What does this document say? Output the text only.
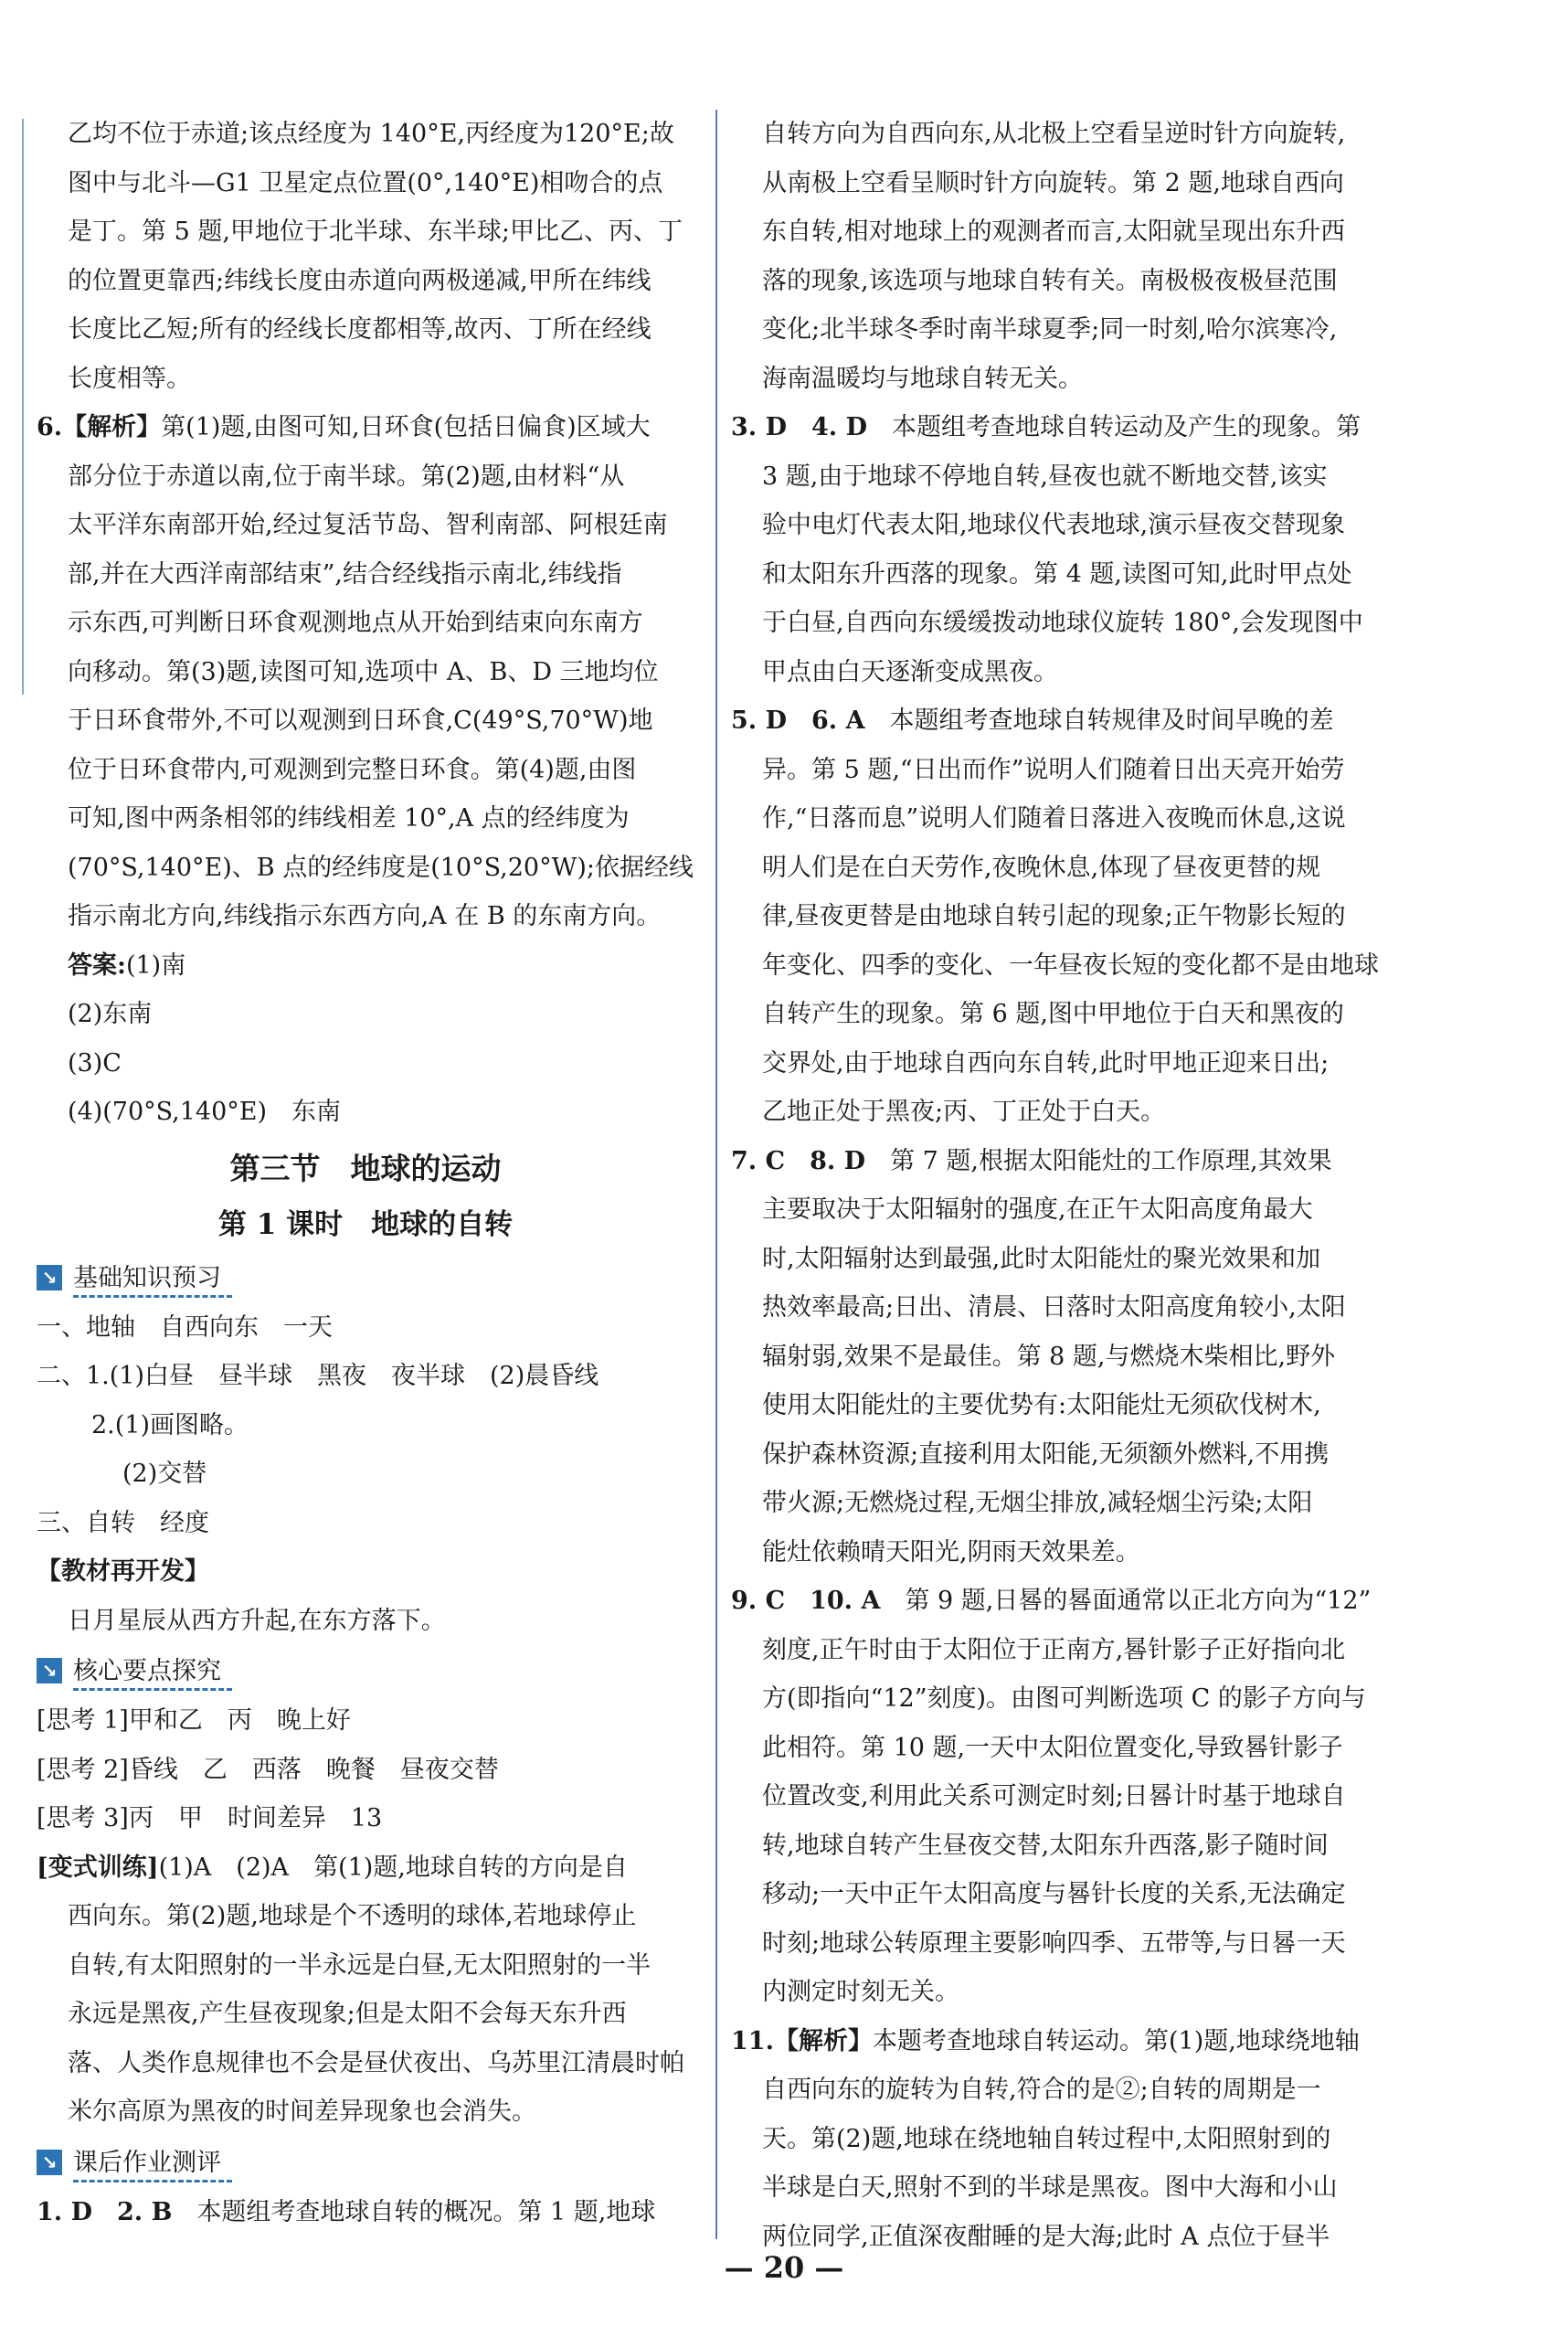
乙均不位于赤道;该点经度为 140°E,丙经度为120°E;故

图中与北斗—G1 卫星定点位置(0°,140°E)相吻合的点

是丁。第 5 题,甲地位于北半球、东半球;甲比乙、丙、丁

的位置更靠西;纬线长度由赤道向两极递减,甲所在纬线

长度比乙短;所有的经线长度都相等,故丙、丁所在经线

长度相等。

6.【解析】第(1)题,由图可知,日环食(包括日偏食)区域大

部分位于赤道以南,位于南半球。第(2)题,由材料“从

太平洋东南部开始,经过复活节岛、智利南部、阿根廷南

部,并在大西洋南部结束”,结合经线指示南北,纬线指

示东西,可判断日环食观测地点从开始到结束向东南方

向移动。第(3)题,读图可知,选项中 A、B、D 三地均位

于日环食带外,不可以观测到日环食,C(49°S,70°W)地

位于日环食带内,可观测到完整日环食。第(4)题,由图

可知,图中两条相邻的纬线相差 10°,A 点的经纬度为

(70°S,140°E)、B 点的经纬度是(10°S,20°W);依据经线

指示南北方向,纬线指示东西方向,A 在 B 的东南方向。

答案:(1)南

(2)东南

(3)C

(4)(70°S,140°E)　东南

第三节　地球的运动
第 1 课时　地球的自转
↘ 基础知识预习

一、地轴　自西向东　一天

二、1.(1)白昼　昼半球　黑夜　夜半球　(2)晨昏线

2.(1)画图略。

(2)交替

三、自转　经度

【教材再开发】

日月星辰从西方升起,在东方落下。

↘ 核心要点探究

[思考 1]甲和乙　丙　晚上好

[思考 2]昏线　乙　西落　晚餐　昼夜交替

[思考 3]丙　甲　时间差异　13

[变式训练](1)A　(2)A　第(1)题,地球自转的方向是自

西向东。第(2)题,地球是个不透明的球体,若地球停止

自转,有太阳照射的一半永远是白昼,无太阳照射的一半

永远是黑夜,产生昼夜现象;但是太阳不会每天东升西

落、人类作息规律也不会是昼伏夜出、乌苏里江清晨时帕

米尔高原为黑夜的时间差异现象也会消失。

↘ 课后作业测评

1. D　2. B　本题组考查地球自转的概况。第 1 题,地球

自转方向为自西向东,从北极上空看呈逆时针方向旋转,

从南极上空看呈顺时针方向旋转。第 2 题,地球自西向

东自转,相对地球上的观测者而言,太阳就呈现出东升西

落的现象,该选项与地球自转有关。南极极夜极昼范围

变化;北半球冬季时南半球夏季;同一时刻,哈尔滨寒冷,

海南温暖均与地球自转无关。

3. D　4. D　本题组考查地球自转运动及产生的现象。第

3 题,由于地球不停地自转,昼夜也就不断地交替,该实

验中电灯代表太阳,地球仪代表地球,演示昼夜交替现象

和太阳东升西落的现象。第 4 题,读图可知,此时甲点处

于白昼,自西向东缓缓拨动地球仪旋转 180°,会发现图中

甲点由白天逐渐变成黑夜。

5. D　6. A　本题组考查地球自转规律及时间早晚的差

异。第 5 题,“日出而作”说明人们随着日出天亮开始劳

作,“日落而息”说明人们随着日落进入夜晚而休息,这说

明人们是在白天劳作,夜晚休息,体现了昼夜更替的规

律,昼夜更替是由地球自转引起的现象;正午物影长短的

年变化、四季的变化、一年昼夜长短的变化都不是由地球

自转产生的现象。第 6 题,图中甲地位于白天和黑夜的

交界处,由于地球自西向东自转,此时甲地正迎来日出;

乙地正处于黑夜;丙、丁正处于白天。

7. C　8. D　第 7 题,根据太阳能灶的工作原理,其效果

主要取决于太阳辐射的强度,在正午太阳高度角最大

时,太阳辐射达到最强,此时太阳能灶的聚光效果和加

热效率最高;日出、清晨、日落时太阳高度角较小,太阳

辐射弱,效果不是最佳。第 8 题,与燃烧木柴相比,野外

使用太阳能灶的主要优势有:太阳能灶无须砍伐树木,

保护森林资源;直接利用太阳能,无须额外燃料,不用携

带火源;无燃烧过程,无烟尘排放,减轻烟尘污染;太阳

能灶依赖晴天阳光,阴雨天效果差。

9. C　10. A　第 9 题,日晷的晷面通常以正北方向为“12”

刻度,正午时由于太阳位于正南方,晷针影子正好指向北

方(即指向“12”刻度)。由图可判断选项 C 的影子方向与

此相符。第 10 题,一天中太阳位置变化,导致晷针影子

位置改变,利用此关系可测定时刻;日晷计时基于地球自

转,地球自转产生昼夜交替,太阳东升西落,影子随时间

移动;一天中正午太阳高度与晷针长度的关系,无法确定

时刻;地球公转原理主要影响四季、五带等,与日晷一天

内测定时刻无关。

11.【解析】本题考查地球自转运动。第(1)题,地球绕地轴

自西向东的旋转为自转,符合的是②;自转的周期是一

天。第(2)题,地球在绕地轴自转过程中,太阳照射到的

半球是白天,照射不到的半球是黑夜。图中大海和小山

两位同学,正值深夜酣睡的是大海;此时 A 点位于昼半

— 20 —
